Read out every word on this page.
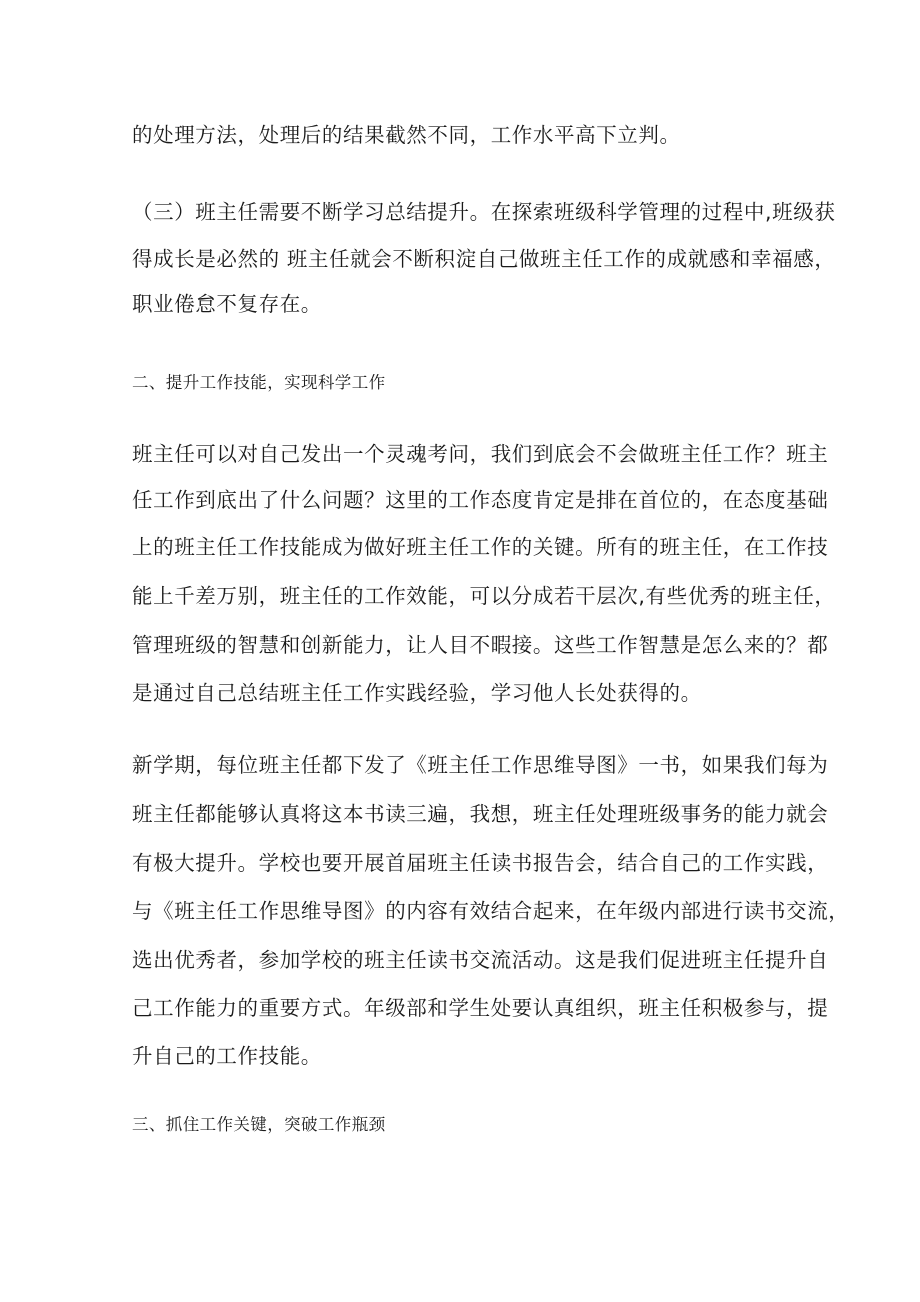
的处理方法，处理后的结果截然不同，工作水平高下立判。
（三）班主任需要不断学习总结提升。在探索班级科学管理的过程中,班级获
得成长是必然的 班主任就会不断积淀自己做班主任工作的成就感和幸福感，
职业倦怠不复存在。
二、提升工作技能，实现科学工作
班主任可以对自己发出一个灵魂考问，我们到底会不会做班主任工作？班主
任工作到底出了什么问题？这里的工作态度肯定是排在首位的，在态度基础
上的班主任工作技能成为做好班主任工作的关键。所有的班主任，在工作技
能上千差万别，班主任的工作效能，可以分成若干层次,有些优秀的班主任，
管理班级的智慧和创新能力，让人目不暇接。这些工作智慧是怎么来的？都
是通过自己总结班主任工作实践经验，学习他人长处获得的。
新学期，每位班主任都下发了《班主任工作思维导图》一书，如果我们每为
班主任都能够认真将这本书读三遍，我想，班主任处理班级事务的能力就会
有极大提升。学校也要开展首届班主任读书报告会，结合自己的工作实践，
与《班主任工作思维导图》的内容有效结合起来，在年级内部进行读书交流，
选出优秀者，参加学校的班主任读书交流活动。这是我们促进班主任提升自
己工作能力的重要方式。年级部和学生处要认真组织，班主任积极参与，提
升自己的工作技能。
三、抓住工作关键，突破工作瓶颈
